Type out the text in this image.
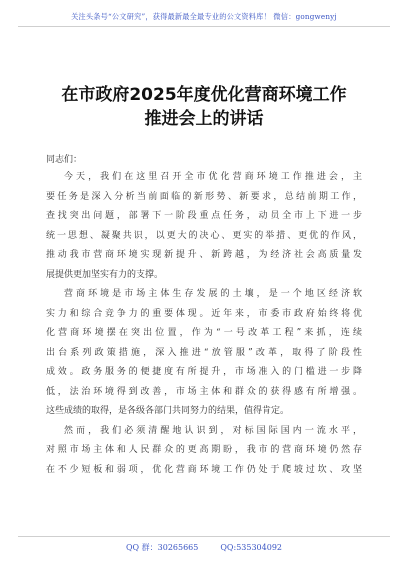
关注头条号“公文研究”，获得最新最全最专业的公文资料库！ 微信：gongwenyj
在市政府2025年度优化营商环境工作
推进会上的讲话
同志们：
今天，我们在这里召开全市优化营商环境工作推进会，主
要任务是深入分析当前面临的新形势、新要求，总结前期工作，
查找突出问题，部署下一阶段重点任务，动员全市上下进一步
统一思想、凝聚共识，以更大的决心、更实的举措、更优的作风，
推动我市营商环境实现新提升、新跨越，为经济社会高质量发
展提供更加坚实有力的支撑。
营商环境是市场主体生存发展的土壤，是一个地区经济软
实力和综合竞争力的重要体现。近年来，市委市政府始终将优
化营商环境摆在突出位置，作为“一号改革工程”来抓，连续
出台系列政策措施，深入推进“放管服”改革，取得了阶段性
成效。政务服务的便捷度有所提升，市场准入的门槛进一步降
低，法治环境得到改善，市场主体和群众的获得感有所增强。
这些成绩的取得，是各级各部门共同努力的结果，值得肯定。
然而，我们必须清醒地认识到，对标国际国内一流水平，
对照市场主体和人民群众的更高期盼，我市的营商环境仍然存
在不少短板和弱项，优化营商环境工作仍处于爬坡过坎、攻坚
QQ 群：30265665	QQ:535304092
